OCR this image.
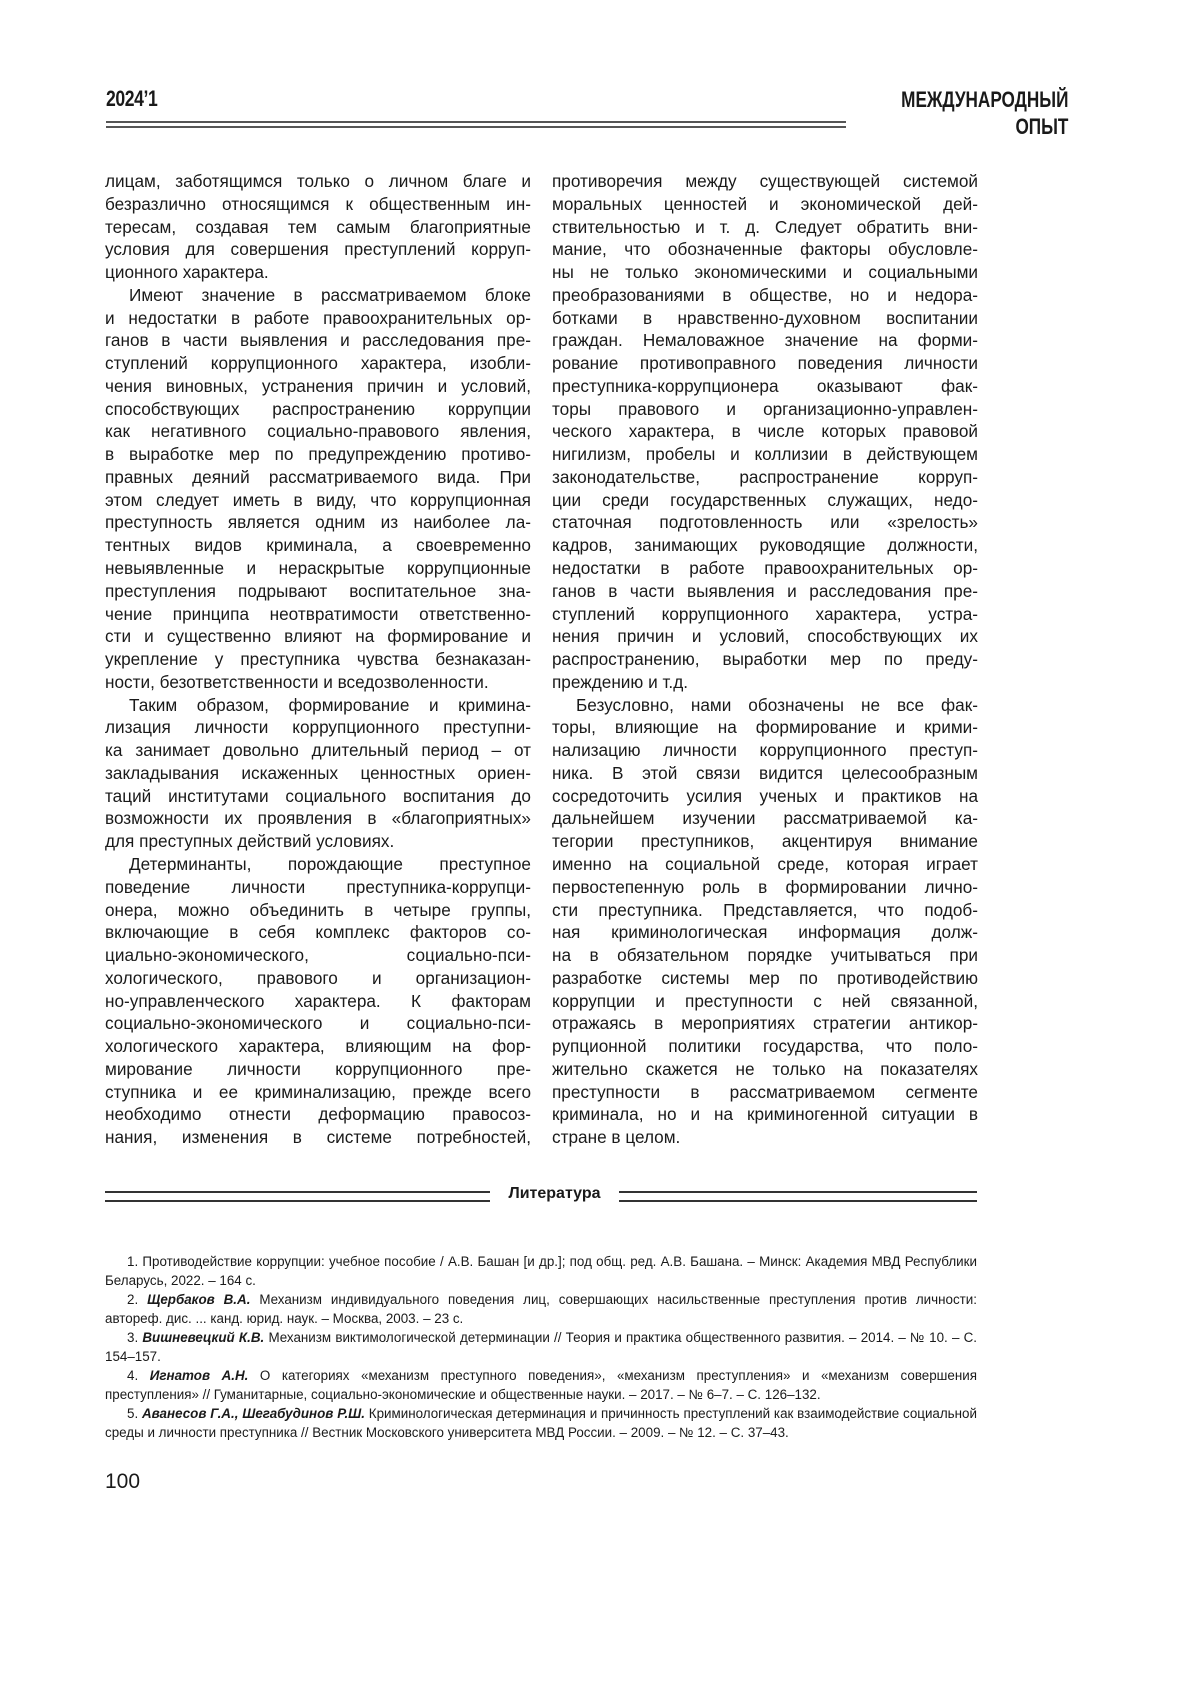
2024’1	МЕЖДУНАРОДНЫЙ
ОПЫТ
лицам, заботящимся только о личном благе и
безразлично относящимся к общественным ин-
тересам, создавая тем самым благоприятные
условия для совершения преступлений корруп-
ционного характера.
Имеют значение в рассматриваемом блоке
и недостатки в работе правоохранительных ор-
ганов в части выявления и расследования пре-
ступлений коррупционного характера, изобли-
чения виновных, устранения причин и условий,
способствующих распространению коррупции
как негативного социально-правового явления,
в выработке мер по предупреждению противо-
правных деяний рассматриваемого вида. При
этом следует иметь в виду, что коррупционная
преступность является одним из наиболее ла-
тентных видов криминала, а своевременно
невыявленные и нераскрытые коррупционные
преступления подрывают воспитательное зна-
чение принципа неотвратимости ответственно-
сти и существенно влияют на формирование и
укрепление у преступника чувства безнаказан-
ности, безответственности и вседозволенности.
Таким образом, формирование и кримина-
лизация личности коррупционного преступни-
ка занимает довольно длительный период – от
закладывания искаженных ценностных ориен-
таций институтами социального воспитания до
возможности их проявления в «благоприятных»
для преступных действий условиях.
Детерминанты, порождающие преступное
поведение личности преступника-коррупци-
онера, можно объединить в четыре группы,
включающие в себя комплекс факторов со-
циально-экономического, социально-пси-
хологического, правового и организацион-
но-управленческого характера. К факторам
социально-экономического и социально-пси-
хологического характера, влияющим на фор-
мирование личности коррупционного пре-
ступника и ее криминализацию, прежде всего
необходимо отнести деформацию правосоз-
нания, изменения в системе потребностей,
противоречия между существующей системой
моральных ценностей и экономической дей-
ствительностью и т. д. Следует обратить вни-
мание, что обозначенные факторы обусловле-
ны не только экономическими и социальными
преобразованиями в обществе, но и недора-
ботками в нравственно-духовном воспитании
граждан. Немаловажное значение на форми-
рование противоправного поведения личности
преступника-коррупционера оказывают фак-
торы правового и организационно-управлен-
ческого характера, в числе которых правовой
нигилизм, пробелы и коллизии в действующем
законодательстве, распространение корруп-
ции среди государственных служащих, недо-
статочная подготовленность или «зрелость»
кадров, занимающих руководящие должности,
недостатки в работе правоохранительных ор-
ганов в части выявления и расследования пре-
ступлений коррупционного характера, устра-
нения причин и условий, способствующих их
распространению, выработки мер по преду-
преждению и т.д.
Безусловно, нами обозначены не все фак-
торы, влияющие на формирование и крими-
нализацию личности коррупционного преступ-
ника. В этой связи видится целесообразным
сосредоточить усилия ученых и практиков на
дальнейшем изучении рассматриваемой ка-
тегории преступников, акцентируя внимание
именно на социальной среде, которая играет
первостепенную роль в формировании лично-
сти преступника. Представляется, что подоб-
ная криминологическая информация долж-
на в обязательном порядке учитываться при
разработке системы мер по противодействию
коррупции и преступности с ней связанной,
отражаясь в мероприятиях стратегии антикор-
рупционной политики государства, что поло-
жительно скажется не только на показателях
преступности в рассматриваемом сегменте
криминала, но и на криминогенной ситуации в
стране в целом.
Литература
1. Противодействие коррупции: учебное пособие / А.В. Башан [и др.]; под общ. ред. А.В. Башана. – Минск: Академия МВД Республики Беларусь, 2022. – 164 с.
2. Щербаков В.А. Механизм индивидуального поведения лиц, совершающих насильственные преступления против личности: автореф. дис. ... канд. юрид. наук. – Москва, 2003. – 23 с.
3. Вишневецкий К.В. Механизм виктимологической детерминации // Теория и практика общественного развития. – 2014. – № 10. – С. 154–157.
4. Игнатов А.Н. О категориях «механизм преступного поведения», «механизм преступления» и «механизм совершения преступления» // Гуманитарные, социально-экономические и общественные науки. – 2017. – № 6–7. – С. 126–132.
5. Аванесов Г.А., Шегабудинов Р.Ш. Криминологическая детерминация и причинность преступлений как взаимодействие социальной среды и личности преступника // Вестник Московского университета МВД России. – 2009. – № 12. – С. 37–43.
100
